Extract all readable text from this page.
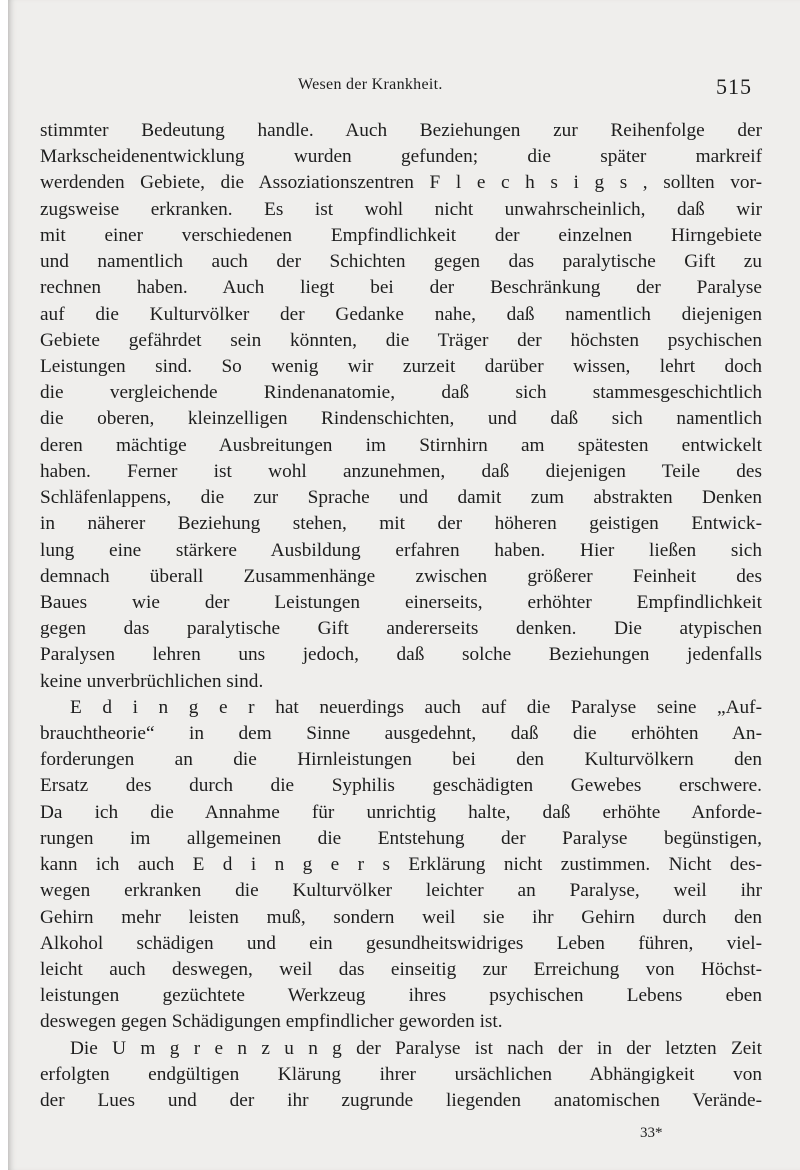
Wesen der Krankheit.	515
stimmter Bedeutung handle. Auch Beziehungen zur Reihenfolge der
Markscheidenentwicklung wurden gefunden; die später markreif
werdenden Gebiete, die Assoziationszentren F l e c h s i g s , sollten vor-
zugsweise erkranken. Es ist wohl nicht unwahrscheinlich, daß wir
mit einer verschiedenen Empfindlichkeit der einzelnen Hirngebiete
und namentlich auch der Schichten gegen das paralytische Gift zu
rechnen haben. Auch liegt bei der Beschränkung der Paralyse
auf die Kulturvölker der Gedanke nahe, daß namentlich diejenigen
Gebiete gefährdet sein könnten, die Träger der höchsten psychischen
Leistungen sind. So wenig wir zurzeit darüber wissen, lehrt doch
die vergleichende Rindenanatomie, daß sich stammesgeschichtlich
die oberen, kleinzelligen Rindenschichten, und daß sich namentlich
deren mächtige Ausbreitungen im Stirnhirn am spätesten entwickelt
haben. Ferner ist wohl anzunehmen, daß diejenigen Teile des
Schläfenlappens, die zur Sprache und damit zum abstrakten Denken
in näherer Beziehung stehen, mit der höheren geistigen Entwick-
lung eine stärkere Ausbildung erfahren haben. Hier ließen sich
demnach überall Zusammenhänge zwischen größerer Feinheit des
Baues wie der Leistungen einerseits, erhöhter Empfindlichkeit
gegen das paralytische Gift andererseits denken. Die atypischen
Paralysen lehren uns jedoch, daß solche Beziehungen jedenfalls
keine unverbrüchlichen sind.
E d i n g e r hat neuerdings auch auf die Paralyse seine „Auf-
brauchtheorie“ in dem Sinne ausgedehnt, daß die erhöhten An-
forderungen an die Hirnleistungen bei den Kulturvölkern den
Ersatz des durch die Syphilis geschädigten Gewebes erschwere.
Da ich die Annahme für unrichtig halte, daß erhöhte Anforde-
rungen im allgemeinen die Entstehung der Paralyse begünstigen,
kann ich auch E d i n g e r s Erklärung nicht zustimmen. Nicht des-
wegen erkranken die Kulturvölker leichter an Paralyse, weil ihr
Gehirn mehr leisten muß, sondern weil sie ihr Gehirn durch den
Alkohol schädigen und ein gesundheitswidriges Leben führen, viel-
leicht auch deswegen, weil das einseitig zur Erreichung von Höchst-
leistungen gezüchtete Werkzeug ihres psychischen Lebens eben
deswegen gegen Schädigungen empfindlicher geworden ist.
Die U m g r e n z u n g der Paralyse ist nach der in der letzten Zeit
erfolgten endgültigen Klärung ihrer ursächlichen Abhängigkeit von
der Lues und der ihr zugrunde liegenden anatomischen Verände-
33*
